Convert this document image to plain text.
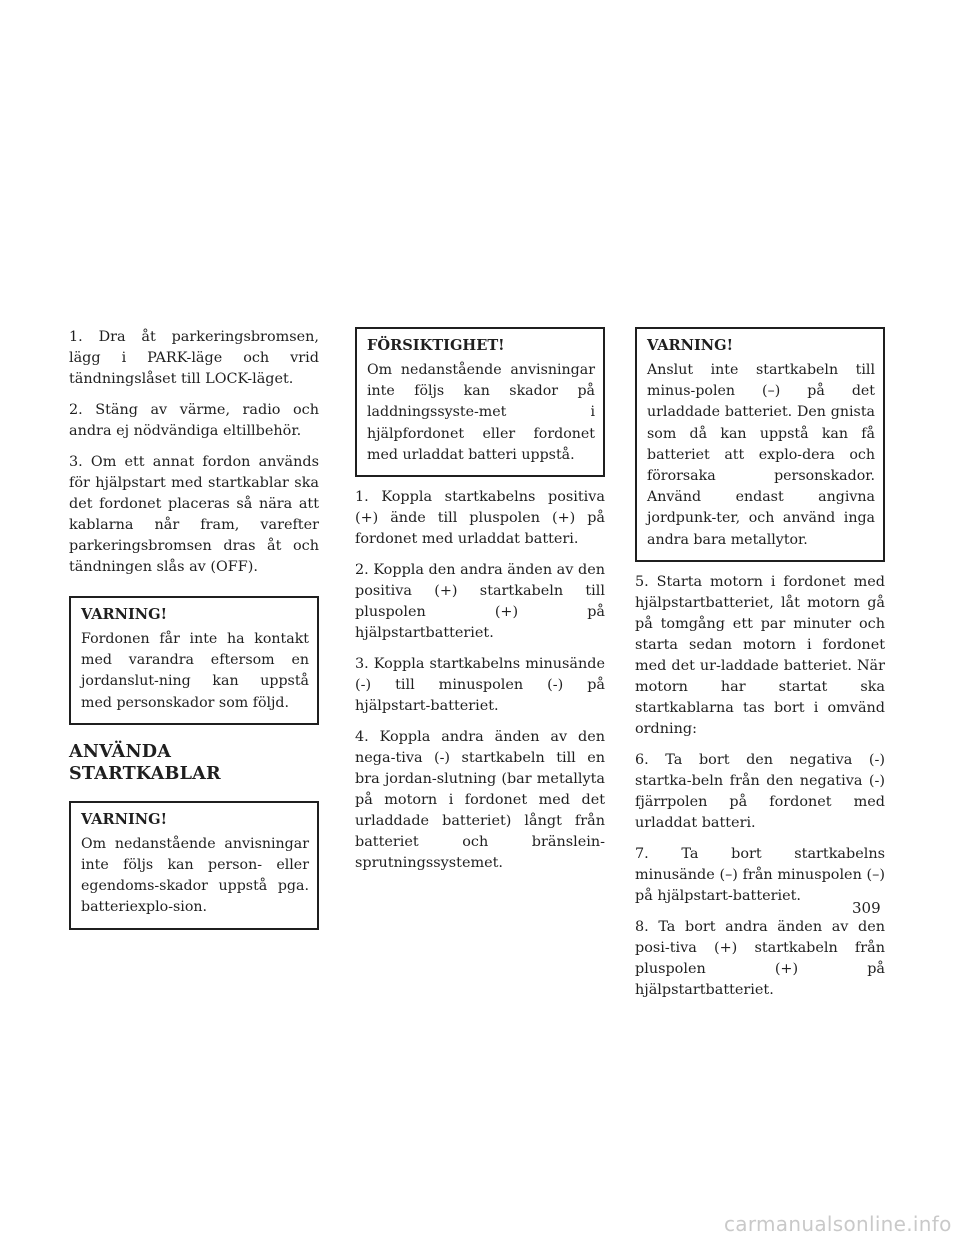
1. Dra åt parkeringsbromsen, lägg i PARK-läge och vrid tändningslåset till LOCK-läget.

2. Stäng av värme, radio och andra ej nödvändiga eltillbehör.

3. Om ett annat fordon används för hjälpstart med startkablar ska det fordonet placeras så nära att kablarna når fram, varefter parkeringsbromsen dras åt och tändningen slås av (OFF).

VARNING!

Fordonen får inte ha kontakt med varandra eftersom en jordanslut-ning kan uppstå med personskador som följd.

ANVÄNDA STARTKABLAR
VARNING!

Om nedanstående anvisningar inte följs kan person- eller egendoms-skador uppstå pga. batteriexplo-sion.

FÖRSIKTIGHET!

Om nedanstående anvisningar inte följs kan skador på laddningssyste-met i hjälpfordonet eller fordonet med urladdat batteri uppstå.

1. Koppla startkabelns positiva (+) ände till pluspolen (+) på fordonet med urladdat batteri.

2. Koppla den andra änden av den positiva (+) startkabeln till pluspolen (+) på hjälpstartbatteriet.

3. Koppla startkabelns minusände (-) till minuspolen (-) på hjälpstart-batteriet.

4. Koppla andra änden av den nega-tiva (-) startkabeln till en bra jordan-slutning (bar metallyta på motorn i fordonet med det urladdade batteriet) långt från batteriet och bränslein-sprutningssystemet.

VARNING!

Anslut inte startkabeln till minus-polen (–) på det urladdade batteriet. Den gnista som då kan uppstå kan få batteriet att explo-dera och förorsaka personskador. Använd endast angivna jordpunk-ter, och använd inga andra bara metallytor.

5. Starta motorn i fordonet med hjälpstartbatteriet, låt motorn gå på tomgång ett par minuter och starta sedan motorn i fordonet med det ur-laddade batteriet. När motorn har startat ska startkablarna tas bort i omvänd ordning:

6. Ta bort den negativa (-) startka-beln från den negativa (-) fjärrpolen på fordonet med urladdat batteri.

7. Ta bort startkabelns minusände (–) från minuspolen (–) på hjälpstart-batteriet.

8. Ta bort andra änden av den posi-tiva (+) startkabeln från pluspolen (+) på hjälpstartbatteriet.

309
carmanualsonline.info
